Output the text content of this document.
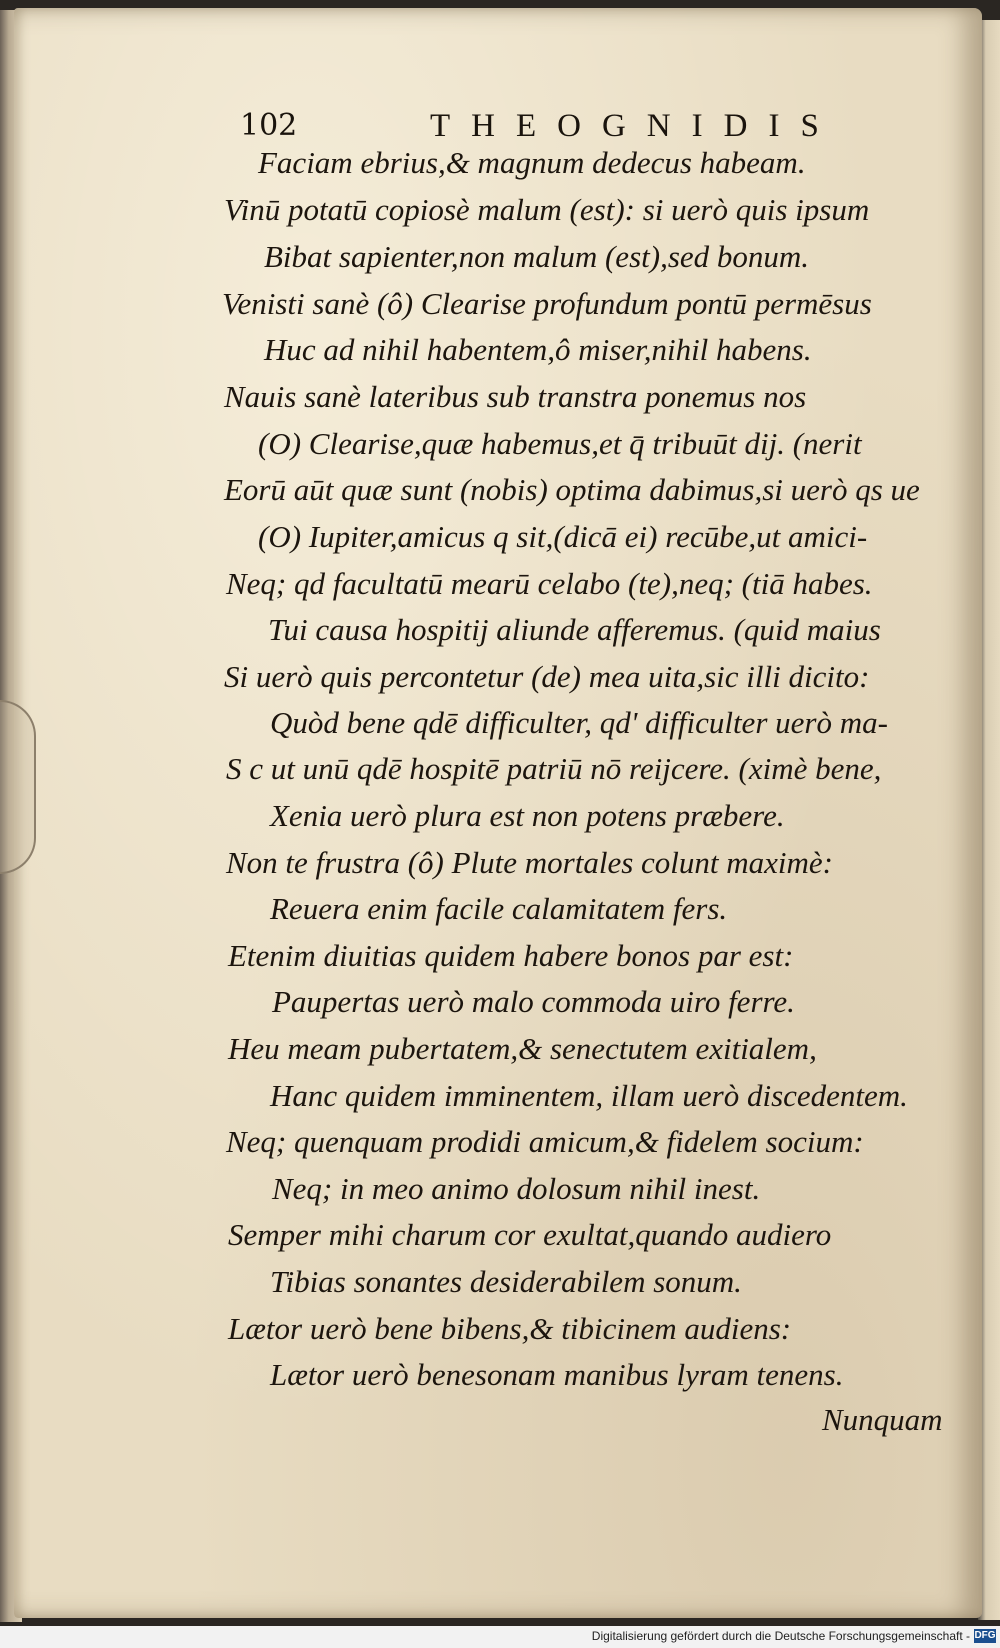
102	THEOGNIDIS
Faciam ebrius,& magnum dedecus habeam.
Vinū potatū copiosè malum (est): si uerò quis ipsum
Bibat sapienter,non malum (est),sed bonum.
Venisti sanè (ô) Clearise profundum pontū permēsus
Huc ad nihil habentem,ô miser,nihil habens.
Nauis sanè lateribus sub transtra ponemus nos
(O) Clearise,quæ habemus,et q̄ tribuūt dij. (nerit
Eorū aūt quæ sunt (nobis) optima dabimus,si uerò qs ue
(O) Iupiter,amicus q sit,(dicā ei) recūbe,ut amici-
Neq; qd facultatū mearū celabo (te),neq; (tiā habes.
Tui causa hospitij aliunde afferemus. (quid maius
Si uerò quis percontetur (de) mea uita,sic illi dicito:
Quòd bene qdē difficulter, qd' difficulter uerò ma-
S c ut unū qdē hospitē patriū nō reijcere. (ximè bene,
Xenia uerò plura est non potens præbere.
Non te frustra (ô) Plute mortales colunt maximè:
Reuera enim facile calamitatem fers.
Etenim diuitias quidem habere bonos par est:
Paupertas uerò malo commoda uiro ferre.
Heu meam pubertatem,& senectutem exitialem,
Hanc quidem imminentem, illam uerò discedentem.
Neq; quenquam prodidi amicum,& fidelem socium:
Neq; in meo animo dolosum nihil inest.
Semper mihi charum cor exultat,quando audiero
Tibias sonantes desiderabilem sonum.
Lætor uerò bene bibens,& tibicinem audiens:
Lætor uerò benesonam manibus lyram tenens.
Nunquam
Digitalisierung gefördert durch die Deutsche Forschungsgemeinschaft - DFG
